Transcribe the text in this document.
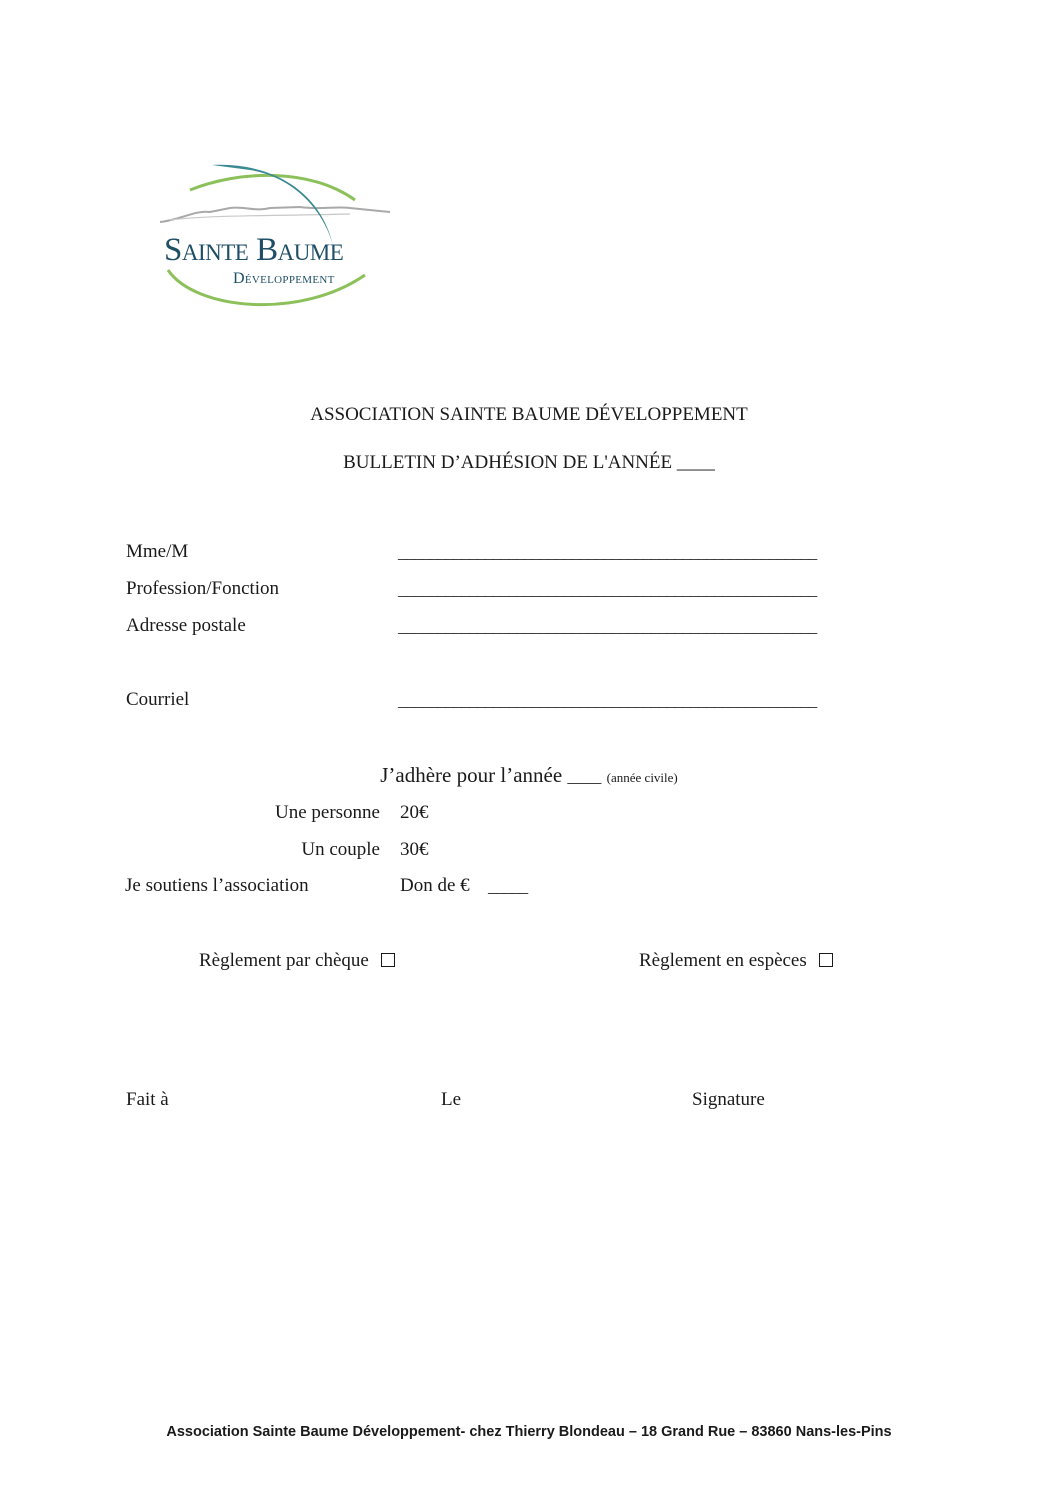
Sainte Baume
Développement
ASSOCIATION SAINTE BAUME DÉVELOPPEMENT
BULLETIN D’ADHÉSION DE L'ANNÉE ____
Mme/M	_____________________________________________________
Profession/Fonction	_____________________________________________________
Adresse postale	_____________________________________________________
Courriel	_____________________________________________________
J’adhère pour l’année ____ (année civile)
Une personne 20€
Un couple 30€
Je soutiens l’association	Don de € _____
Règlement par chèque	Règlement en espèces
Fait à	Le	Signature
Association Sainte Baume Développement- chez Thierry Blondeau – 18 Grand Rue – 83860 Nans-les-Pins
